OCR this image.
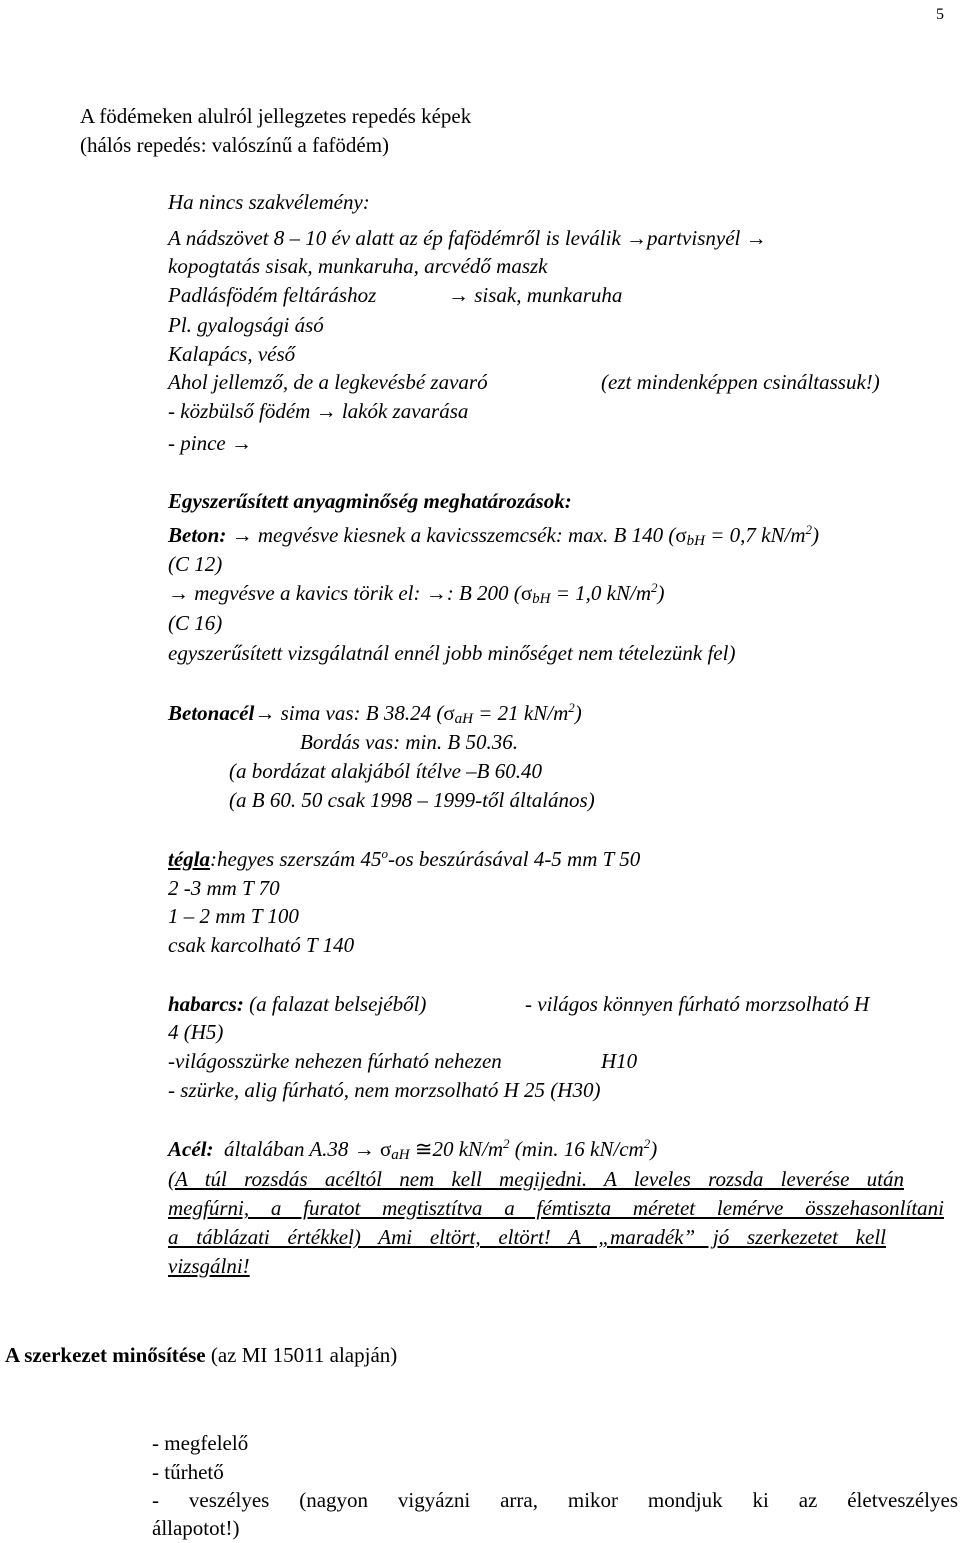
5
A födémeken alulról jellegzetes repedés képek
(hálós repedés: valószínű a fafödém)
Ha nincs szakvélemény:
A nádszövet 8 – 10 év alatt az ép fafödémről is leválik →partvisnyél →
kopogtatás sisak, munkaruha, arcvédő maszk
Padlásfödém feltáráshoz	→ sisak, munkaruha
Pl. gyalogsági ásó
Kalapács, véső
Ahol jellemző, de a legkevésbé zavaró	(ezt mindenképpen csináltassuk!)
- közbülső födém → lakók zavarása
- pince →
Egyszerűsített anyagminőség meghatározások:
Beton: → megvésve kiesnek a kavicsszemcsék: max. B 140 (σbH = 0,7 $kN/m^2$)
(C 12)
→ megvésve a kavics törik el: →: B 200 (σbH = 1,0 $kN/m^2$)
(C 16)
egyszerűsített vizsgálatnál ennél jobb minőséget nem tételezünk fel)
Betonacél→ sima vas: B 38.24 (σaH = 21 $kN/m^2$)
Bordás vas: min. B 50.36.
(a bordázat alakjából ítélve –B 60.40
(a B 60. 50 csak 1998 – 1999-től általános)
tégla:hegyes szerszám 45$^o$-os beszúrásával 4-5 mm T 50
2 -3 mm T 70
1 – 2 mm T 100
csak karcolható T 140
habarcs: (a falazat belsejéből)	- világos könnyen fúrható morzsolható H
4 (H5)
-világosszürke nehezen fúrható nehezen	H10
- szürke, alig fúrható, nem morzsolható H 25 (H30)
Acél: általában A.38 → σaH ≅20 $kN/m^2$ (min. 16 $kN/cm^2$)
(A túl rozsdás acéltól nem kell megijedni. A leveles rozsda leverése után
megfúrni, a furatot megtisztítva a fémtiszta méretet lemérve összehasonlítani
a táblázati értékkel) Ami eltört, eltört! A „maradék” jó szerkezetet kell
vizsgálni!
A szerkezet minősítése (az MI 15011 alapján)
- megfelelő
- tűrhető
- veszélyes (nagyon vigyázni arra, mikor mondjuk ki az életveszélyes
állapotot!)
